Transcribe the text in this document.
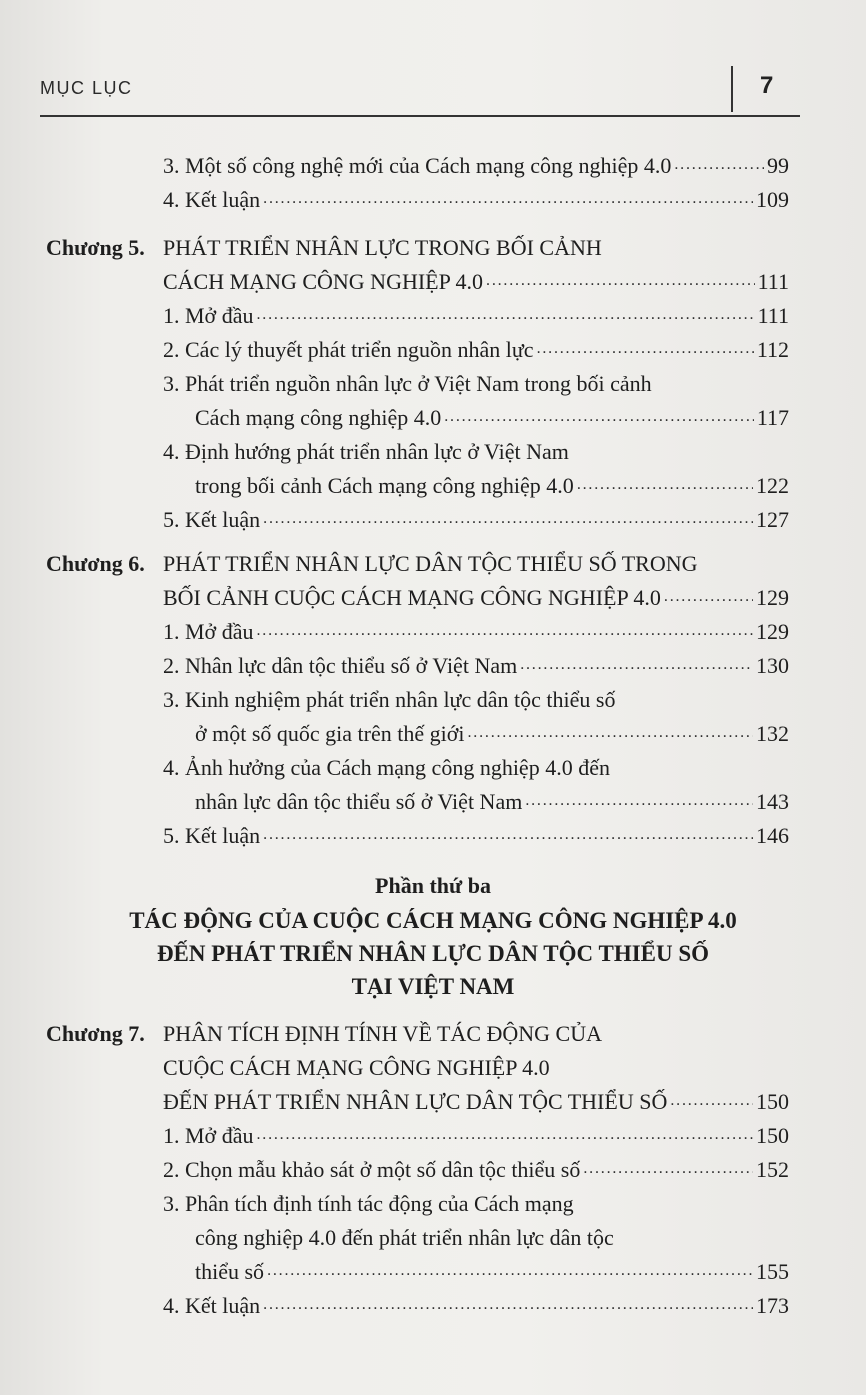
MỤC LỤC	7
3. Một số công nghệ mới của Cách mạng công nghiệp 4.0 .....	99
4. Kết luận .....	109
Chương 5. PHÁT TRIỂN NHÂN LỰC TRONG BỐI CẢNH
CÁCH MẠNG CÔNG NGHIỆP 4.0 .....	111
1. Mở đầu .....	111
2. Các lý thuyết phát triển nguồn nhân lực .....	112
3. Phát triển nguồn nhân lực ở Việt Nam trong bối cảnh
Cách mạng công nghiệp 4.0 .....	117
4. Định hướng phát triển nhân lực ở Việt Nam
trong bối cảnh Cách mạng công nghiệp 4.0 .....	122
5. Kết luận .....	127
Chương 6. PHÁT TRIỂN NHÂN LỰC DÂN TỘC THIỂU SỐ TRONG
BỐI CẢNH CUỘC CÁCH MẠNG CÔNG NGHIỆP 4.0 .....	129
1. Mở đầu .....	129
2. Nhân lực dân tộc thiểu số ở Việt Nam .....	130
3. Kinh nghiệm phát triển nhân lực dân tộc thiểu số
ở một số quốc gia trên thế giới .....	132
4. Ảnh hưởng của Cách mạng công nghiệp 4.0 đến
nhân lực dân tộc thiểu số ở Việt Nam .....	143
5. Kết luận .....	146
Phần thứ ba
TÁC ĐỘNG CỦA CUỘC CÁCH MẠNG CÔNG NGHIỆP 4.0
ĐẾN PHÁT TRIỂN NHÂN LỰC DÂN TỘC THIỂU SỐ
TẠI VIỆT NAM
Chương 7. PHÂN TÍCH ĐỊNH TÍNH VỀ TÁC ĐỘNG CỦA
CUỘC CÁCH MẠNG CÔNG NGHIỆP 4.0
ĐẾN PHÁT TRIỂN NHÂN LỰC DÂN TỘC THIỂU SỐ .....	150
1. Mở đầu .....	150
2. Chọn mẫu khảo sát ở một số dân tộc thiểu số .....	152
3. Phân tích định tính tác động của Cách mạng
công nghiệp 4.0 đến phát triển nhân lực dân tộc
thiểu số .....	155
4. Kết luận .....	173
